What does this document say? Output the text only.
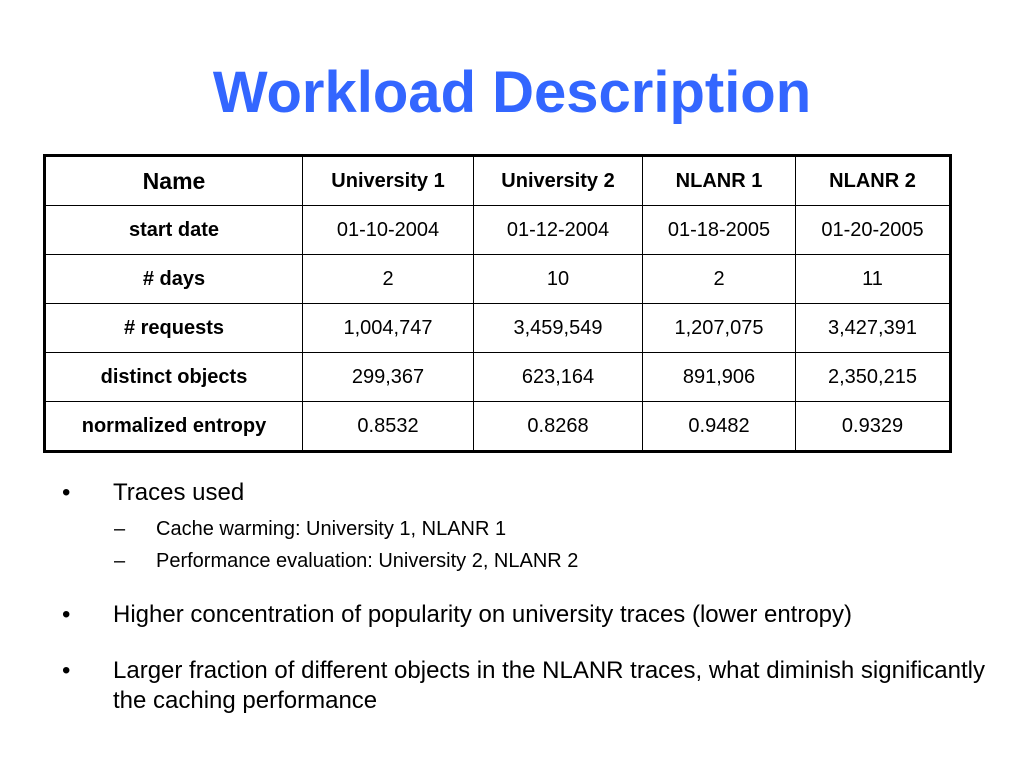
Workload Description
Name	University 1	University 2	NLANR 1	NLANR 2
start date	01-10-2004	01-12-2004	01-18-2005	01-20-2005
# days	2	10	2	11
# requests	1,004,747	3,459,549	1,207,075	3,427,391
distinct objects	299,367	623,164	891,906	2,350,215
normalized entropy	0.8532	0.8268	0.9482	0.9329
• Traces used
– Cache warming: University 1, NLANR 1
– Performance evaluation: University 2, NLANR 2
• Higher concentration of popularity on university traces (lower entropy)
• Larger fraction of different objects in the NLANR traces, what diminish significantly the caching performance
